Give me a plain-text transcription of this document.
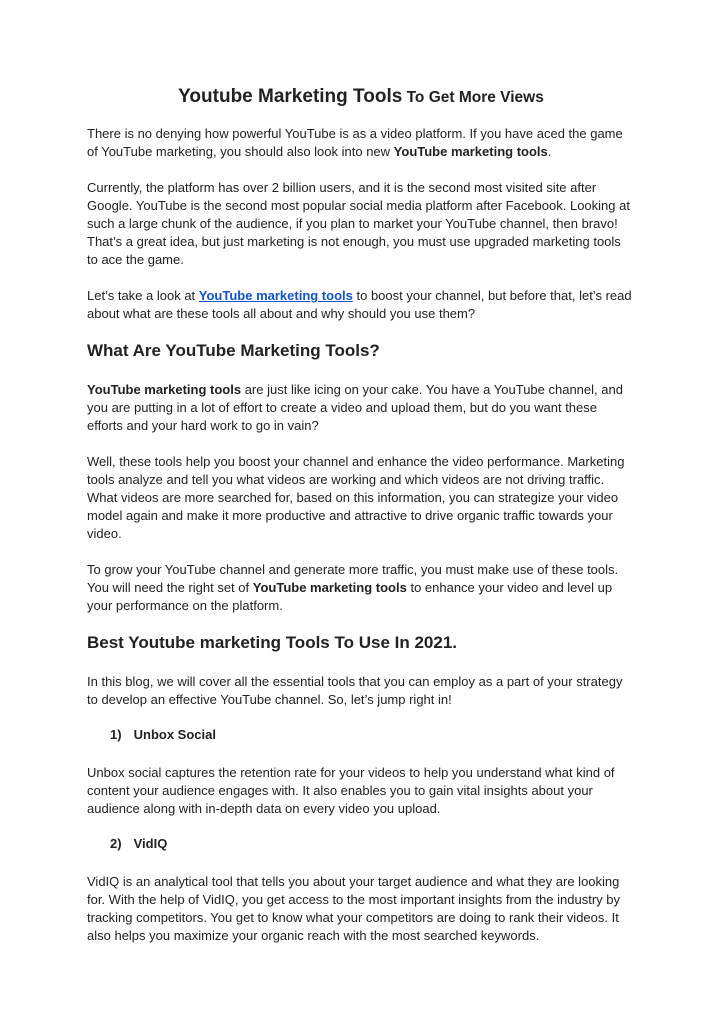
Youtube Marketing Tools To Get More Views

There is no denying how powerful YouTube is as a video platform. If you have aced the game of YouTube marketing, you should also look into new YouTube marketing tools.

Currently, the platform has over 2 billion users, and it is the second most visited site after Google. YouTube is the second most popular social media platform after Facebook. Looking at such a large chunk of the audience, if you plan to market your YouTube channel, then bravo! That’s a great idea, but just marketing is not enough, you must use upgraded marketing tools to ace the game.

Let’s take a look at YouTube marketing tools to boost your channel, but before that, let’s read about what are these tools all about and why should you use them?

What Are YouTube Marketing Tools?

YouTube marketing tools are just like icing on your cake. You have a YouTube channel, and you are putting in a lot of effort to create a video and upload them, but do you want these efforts and your hard work to go in vain?

Well, these tools help you boost your channel and enhance the video performance. Marketing tools analyze and tell you what videos are working and which videos are not driving traffic. What videos are more searched for, based on this information, you can strategize your video model again and make it more productive and attractive to drive organic traffic towards your video.

To grow your YouTube channel and generate more traffic, you must make use of these tools. You will need the right set of YouTube marketing tools to enhance your video and level up your performance on the platform.

Best Youtube marketing Tools To Use In 2021.

In this blog, we will cover all the essential tools that you can employ as a part of your strategy to develop an effective YouTube channel. So, let’s jump right in!

1) Unbox Social

Unbox social captures the retention rate for your videos to help you understand what kind of content your audience engages with. It also enables you to gain vital insights about your audience along with in-depth data on every video you upload.

2) VidIQ

VidIQ is an analytical tool that tells you about your target audience and what they are looking for. With the help of VidIQ, you get access to the most important insights from the industry by tracking competitors. You get to know what your competitors are doing to rank their videos. It also helps you maximize your organic reach with the most searched keywords.
